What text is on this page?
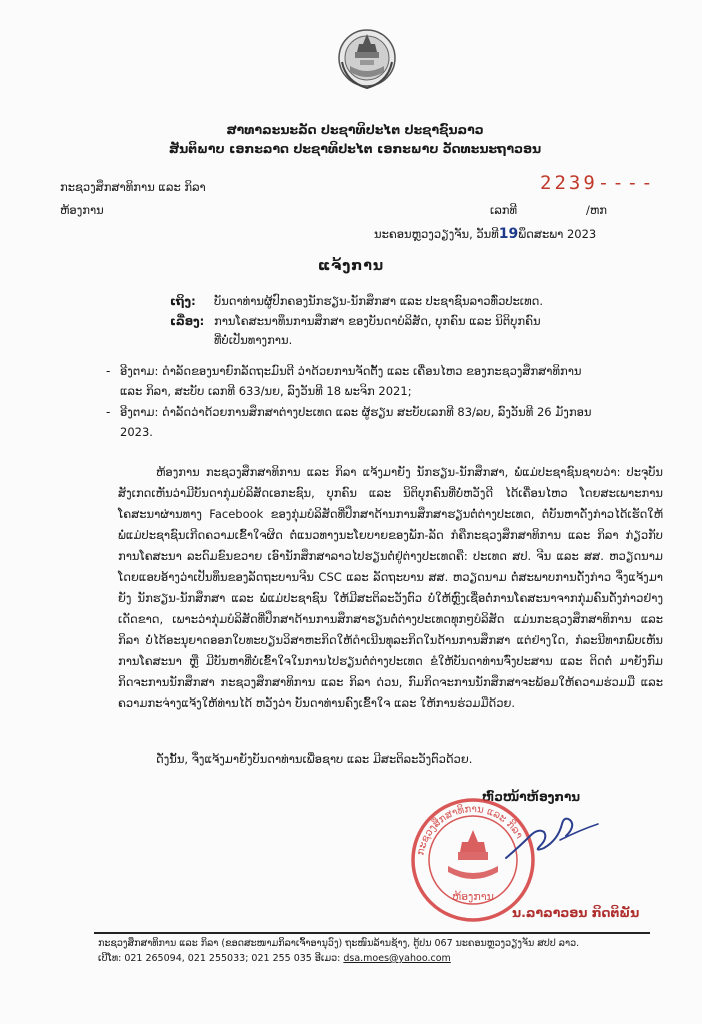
ສາທາລະນະລັດ ປະຊາທິປະໄຕ ປະຊາຊົນລາວ
ສັນຕິພາບ ເອກະລາດ ປະຊາທິປະໄຕ ເອກະພາບ ວັດທະນະຖາວອນ
ກະຊວງສຶກສາທິການ ແລະ ກິລາ
ຫ້ອງການ
2239----
ເລກທີ	/ຫກ
ນະຄອນຫຼວງວຽງຈັນ, ວັນທີ19ພຶດສະພາ 2023
ແຈ້ງການ
ເຖິງ: ບັນດາທ່ານຜູ້ປົກຄອງນັກຮຽນ-ນັກສຶກສາ ແລະ ປະຊາຊົນລາວທົ່ວປະເທດ.
ເລື່ອງ: ການໂຄສະນາທຶນການສຶກສາ ຂອງບັນດາບໍລິສັດ, ບຸກຄົນ ແລະ ນິຕິບຸກຄົນ
ທີ່ບໍ່ເປັນທາງການ.
- ອີງຕາມ: ດຳລັດຂອງນາຍົກລັດຖະມົນຕີ ວ່າດ້ວຍການຈັດຕັ້ງ ແລະ ເຄື່ອນໄຫວ ຂອງກະຊວງສຶກສາທິການ
ແລະ ກິລາ, ສະບັບ ເລກທີ 633/ນຍ, ລົງວັນທີ 18 ພະຈິກ 2021;
- ອີງຕາມ: ດຳລັດວ່າດ້ວຍການສຶກສາຕ່າງປະເທດ ແລະ ຜູ້ຮຽນ ສະບັບເລກທີ 83/ລບ, ລົງວັນທີ 26 ມັງກອນ
2023.
ຫ້ອງການ ກະຊວງສຶກສາທິການ ແລະ ກິລາ ແຈ້ງມາຍັງ ນັກຮຽນ-ນັກສຶກສາ, ພໍ່ແມ່ປະຊາຊົນຊາບວ່າ: ປະຈຸບັນສັງເກດເຫັນວ່າມີບັນດາກຸ່ມບໍລິສັດເອກະຊົນ, ບຸກຄົນ ແລະ ນິຕິບຸກຄົນທີ່ບໍ່ຫວັງດີ ໄດ້ເຄື່ອນໄຫວ ໂດຍສະເພາະການໂຄສະນາຜ່ານທາງ Facebook ຂອງກຸ່ມບໍລິສັດທີ່ປຶກສາດ້ານການສຶກສາຮຽນຕໍ່ຕ່າງປະເທດ, ຕໍ່ບັນຫາດັ່ງກ່າວໄດ້ເຮັດໃຫ້ພໍ່ແມ່ປະຊາຊົນເກີດຄວາມເຂົ້າໃຈຜິດ ຕໍ່ແນວທາງນະໂຍບາຍຂອງພັກ-ລັດ ກໍຄືກະຊວງສຶກສາທິການ ແລະ ກິລາ ກ່ຽວກັບການໂຄສະນາ ລະດົມຂົນຂວາຍ ເອົານັກສຶກສາລາວໄປຮຽນຕໍ່ຢູ່ຕ່າງປະເທດຄື: ປະເທດ ສປ. ຈີນ ແລະ ສສ. ຫວຽດນາມ ໂດຍແອບອ້າງວ່າເປັນທຶນຂອງລັດຖະບານຈີນ CSC ແລະ ລັດຖະບານ ສສ. ຫວຽດນາມ ຕໍ່ສະພາບການດັ່ງກ່າວ ຈຶ່ງແຈ້ງມາຍັງ ນັກຮຽນ-ນັກສຶກສາ ແລະ ພໍ່ແມ່ປະຊາຊົນ ໃຫ້ມີສະຕິລະວັງຕົວ ບໍ່ໃຫ້ຫຼົງເຊື່ອຕໍ່ການໂຄສະນາຈາກກຸ່ມຄົນດັ່ງກ່າວຢ່າງເດັດຂາດ, ເພາະວ່າກຸ່ມບໍລິສັດທີ່ປຶກສາດ້ານການສຶກສາຮຽນຕໍ່ຕ່າງປະເທດທຸກໆບໍລິສັດ ແມ່ນກະຊວງສຶກສາທິການ ແລະ ກິລາ ບໍ່ໄດ້ອະນຸຍາດອອກໃບທະບຽນວິສາຫະກິດໃຫ້ດຳເນີນທຸລະກິດໃນດ້ານການສຶກສາ ແຕ່ຢ່າງໃດ, ກໍລະນີທາກພົບເຫັນການໂຄສະນາ ຫຼື ມີບັນຫາທີ່ບໍ່ເຂົ້າໃຈໃນການໄປຮຽນຕໍ່ຕ່າງປະເທດ ຂໍໃຫ້ບັນດາທ່ານຈົ່ງປະສານ ແລະ ຕິດຕໍ່ ມາຍັງກົມກິດຈະການນັກສຶກສາ ກະຊວງສຶກສາທິການ ແລະ ກິລາ ດ່ວນ, ກົມກິດຈະການນັກສຶກສາຈະພ້ອມໃຫ້ຄວາມຮ່ວມມື ແລະ ຄວາມກະຈ່າງແຈ້ງໃຫ້ທ່ານໄດ້ ຫວັງວ່າ ບັນດາທ່ານຄົງເຂົ້າໃຈ ແລະ ໃຫ້ການຮ່ວມມືດ້ວຍ.
ດັ່ງນັ້ນ, ຈຶ່ງແຈ້ງມາຍັງບັນດາທ່ານເພື່ອຊາບ ແລະ ມີສະຕິລະວັງຕົວດ້ວຍ.
ຫົວໜ້າຫ້ອງການ
ກະຊວງສຶກສາທິການ ແລະ ກິລາ
ຫ້ອງການ
ນ.ລາລາວອນ ກິດຕິພັນ
ກະຊວງສຶກສາທິການ ແລະ ກິລາ (ຂອດສະໜາມກິລາເຈົ້າອານຸວົງ) ຖະໜົນລ້ານຊ້າງ, ຕູ້ປນ 067 ນະຄອນຫຼວງວຽງຈັນ ສປປ ລາວ.
ເບີໂທ: 021 265094, 021 255033; 021 255 035 ອີເມວ: dsa.moes@yahoo.com
